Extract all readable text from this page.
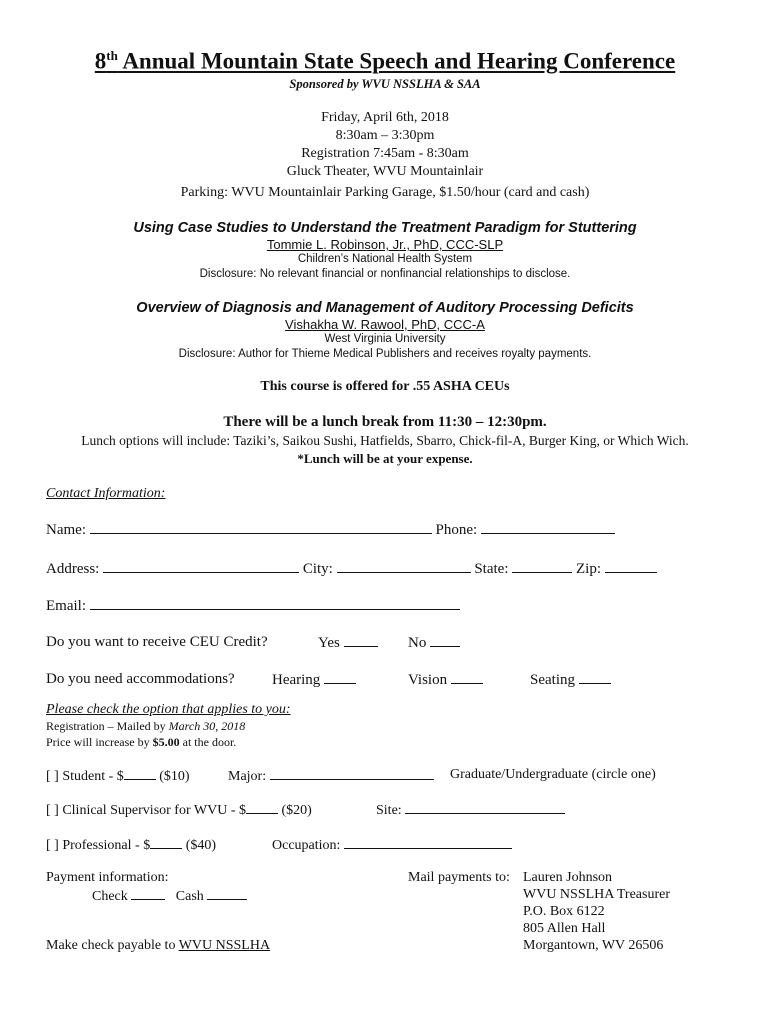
8th Annual Mountain State Speech and Hearing Conference
Sponsored by WVU NSSLHA & SAA
Friday, April 6th, 2018
8:30am – 3:30pm
Registration 7:45am - 8:30am
Gluck Theater, WVU Mountainlair
Parking: WVU Mountainlair Parking Garage, $1.50/hour (card and cash)
Using Case Studies to Understand the Treatment Paradigm for Stuttering
Tommie L. Robinson, Jr., PhD, CCC-SLP
Children’s National Health System
Disclosure: No relevant financial or nonfinancial relationships to disclose.
Overview of Diagnosis and Management of Auditory Processing Deficits
Vishakha W. Rawool, PhD, CCC-A
West Virginia University
Disclosure: Author for Thieme Medical Publishers and receives royalty payments.
This course is offered for .55 ASHA CEUs
There will be a lunch break from 11:30 – 12:30pm.
Lunch options will include: Taziki’s, Saikou Sushi, Hatfields, Sbarro, Chick-fil-A, Burger King, or Which Wich.
*Lunch will be at your expense.
Contact Information:
Name:	Phone:
Address:	City:	State:	Zip:
Email:
Do you want to receive CEU Credit?	Yes	No
Do you need accommodations? Hearing	Vision	Seating
Please check the option that applies to you:
Registration – Mailed by March 30, 2018
Price will increase by $5.00 at the door.
[ ] Student - $	($10)	Major:	Graduate/Undergraduate (circle one)
[ ] Clinical Supervisor for WVU - $	($20)	Site:
[ ] Professional - $	($40)	Occupation:
Payment information:
Check	Cash
Make check payable to WVU NSSLHA
Mail payments to: Lauren Johnson
WVU NSSLHA Treasurer
P.O. Box 6122
805 Allen Hall
Morgantown, WV 26506
